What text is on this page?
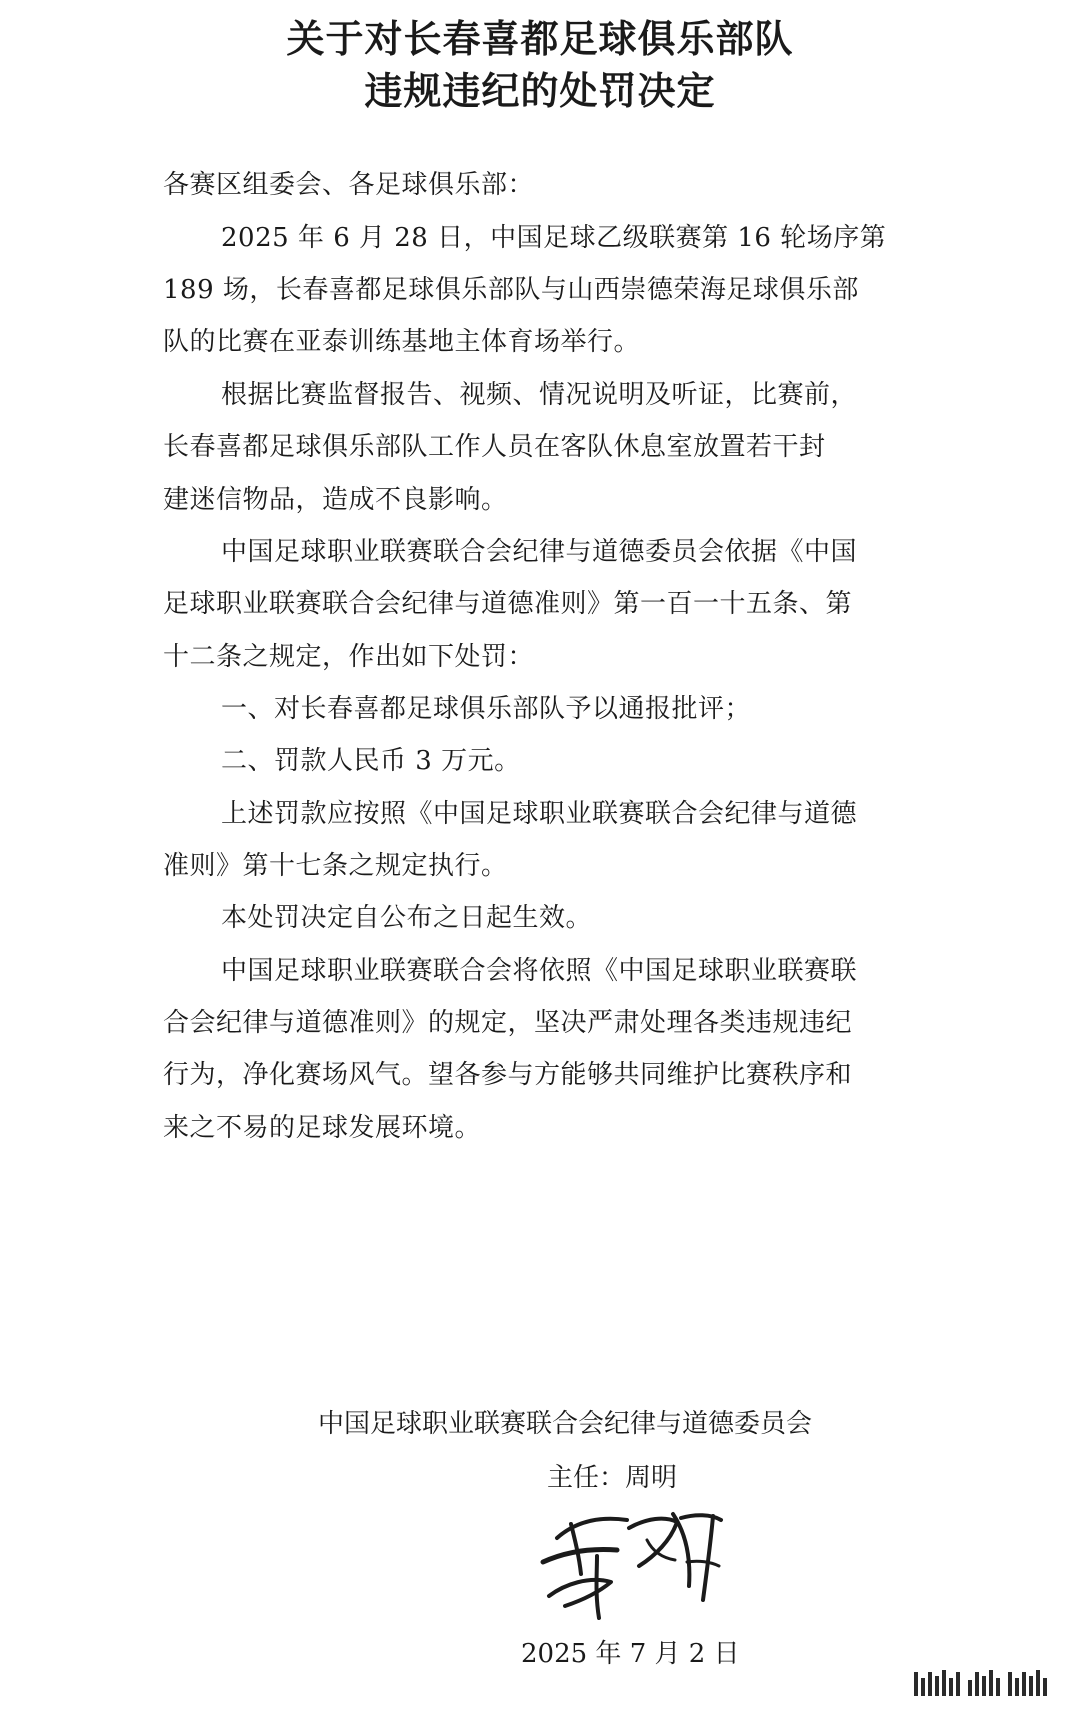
关于对长春喜都足球俱乐部队
违规违纪的处罚决定
各赛区组委会、各足球俱乐部：
2025 年 6 月 28 日，中国足球乙级联赛第 16 轮场序第
189 场，长春喜都足球俱乐部队与山西崇德荣海足球俱乐部
队的比赛在亚泰训练基地主体育场举行。
根据比赛监督报告、视频、情况说明及听证，比赛前，
长春喜都足球俱乐部队工作人员在客队休息室放置若干封
建迷信物品，造成不良影响。
中国足球职业联赛联合会纪律与道德委员会依据《中国
足球职业联赛联合会纪律与道德准则》第一百一十五条、第
十二条之规定，作出如下处罚：
一、对长春喜都足球俱乐部队予以通报批评；
二、罚款人民币 3 万元。
上述罚款应按照《中国足球职业联赛联合会纪律与道德
准则》第十七条之规定执行。
本处罚决定自公布之日起生效。
中国足球职业联赛联合会将依照《中国足球职业联赛联
合会纪律与道德准则》的规定，坚决严肃处理各类违规违纪
行为，净化赛场风气。望各参与方能够共同维护比赛秩序和
来之不易的足球发展环境。
中国足球职业联赛联合会纪律与道德委员会
主任：周明
2025 年 7 月 2 日
